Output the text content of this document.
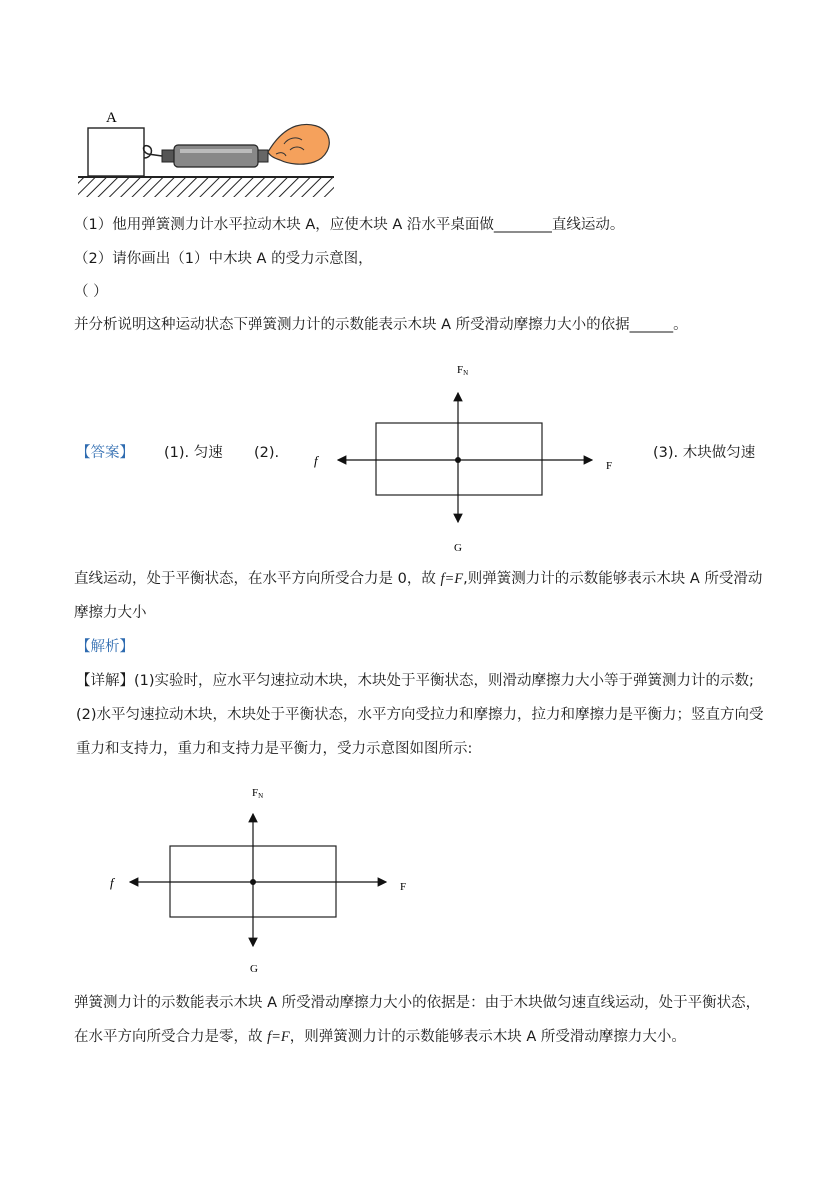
A
（1）他用弹簧测力计水平拉动木块 A，应使木块 A 沿水平桌面做________直线运动。
（2）请你画出（1）中木块 A 的受力示意图，
（ ）
并分析说明这种运动状态下弹簧测力计的示数能表示木块 A 所受滑动摩擦力大小的依据______。
【答案】 (1). 匀速 (2).	(3). 木块做匀速
FN
f	F
G
直线运动，处于平衡状态，在水平方向所受合力是 0，故 f=F,则弹簧测力计的示数能够表示木块 A 所受滑动
摩擦力大小
【解析】
【详解】(1)实验时，应水平匀速拉动木块，木块处于平衡状态，则滑动摩擦力大小等于弹簧测力计的示数;
(2)水平匀速拉动木块，木块处于平衡状态，水平方向受拉力和摩擦力，拉力和摩擦力是平衡力；竖直方向受
重力和支持力，重力和支持力是平衡力，受力示意图如图所示:
FN
f	F
G
弹簧测力计的示数能表示木块 A 所受滑动摩擦力大小的依据是：由于木块做匀速直线运动，处于平衡状态，
在水平方向所受合力是零，故 f=F，则弹簧测力计的示数能够表示木块 A 所受滑动摩擦力大小。
